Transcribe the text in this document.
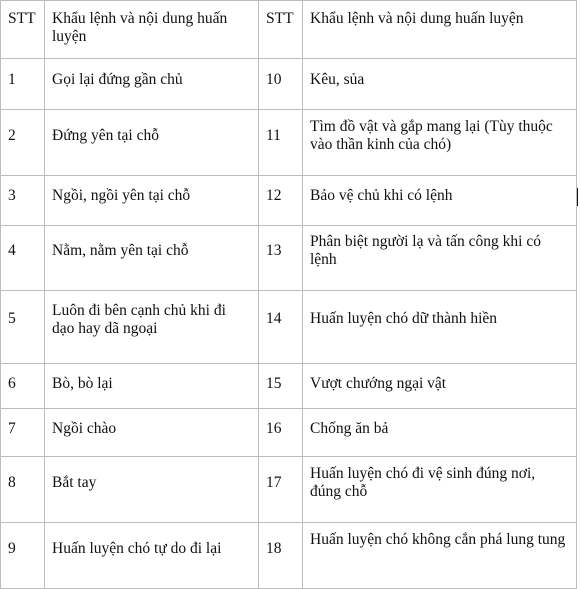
STT	Khẩu lệnh và nội dung huấn luyện	STT	Khẩu lệnh và nội dung huấn luyện
1	Gọi lại đứng gần chủ	10	Kêu, sủa
2	Đứng yên tại chỗ	11	Tìm đồ vật và gắp mang lại (Tùy thuộc vào thần kinh của chó)
3	Ngồi, ngồi yên tại chỗ	12	Bảo vệ chủ khi có lệnh
4	Nằm, nằm yên tại chỗ	13	Phân biệt người lạ và tấn công khi có lệnh
5	Luôn đi bên cạnh chủ khi đi dạo hay dã ngoại	14	Huấn luyện chó dữ thành hiền
6	Bò, bò lại	15	Vượt chướng ngại vật
7	Ngồi chào	16	Chống ăn bả
8	Bắt tay	17	Huấn luyện chó đi vệ sinh đúng nơi, đúng chỗ
9	Huấn luyện chó tự do đi lại	18	Huấn luyện chó không cắn phá lung tung
